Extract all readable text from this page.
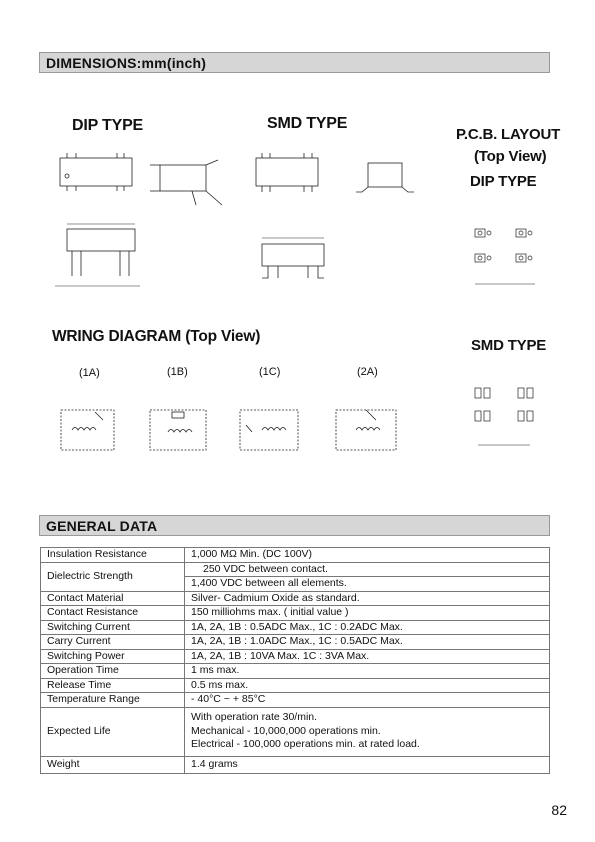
DIMENSIONS:mm(inch)
DIP TYPE	SMD TYPE
P.C.B. LAYOUT
(Top View)
DIP TYPE
SMD TYPE
WRING DIAGRAM (Top View)
(1A)	(1B)	(1C)	(2A)
GENERAL DATA
Insulation Resistance	1,000 MΩ Min. (DC 100V)
Dielectric Strength	250 VDC between contact.
	1,400 VDC between all elements.
Contact Material	Silver- Cadmium Oxide as standard.
Contact Resistance	150 milliohms max. ( initial value )
Switching Current	1A, 2A, 1B : 0.5ADC Max., 1C : 0.2ADC Max.
Carry Current	1A, 2A, 1B : 1.0ADC Max., 1C : 0.5ADC Max.
Switching Power	1A, 2A, 1B : 10VA Max. 1C : 3VA Max.
Operation Time	1 ms max.
Release Time	0.5 ms max.
Temperature Range	- 40°C ~ + 85°C
Expected Life	With operation rate 30/min.
Mechanical - 10,000,000 operations min.
Electrical - 100,000 operations min. at rated load.

Weight	1.4 grams
82
